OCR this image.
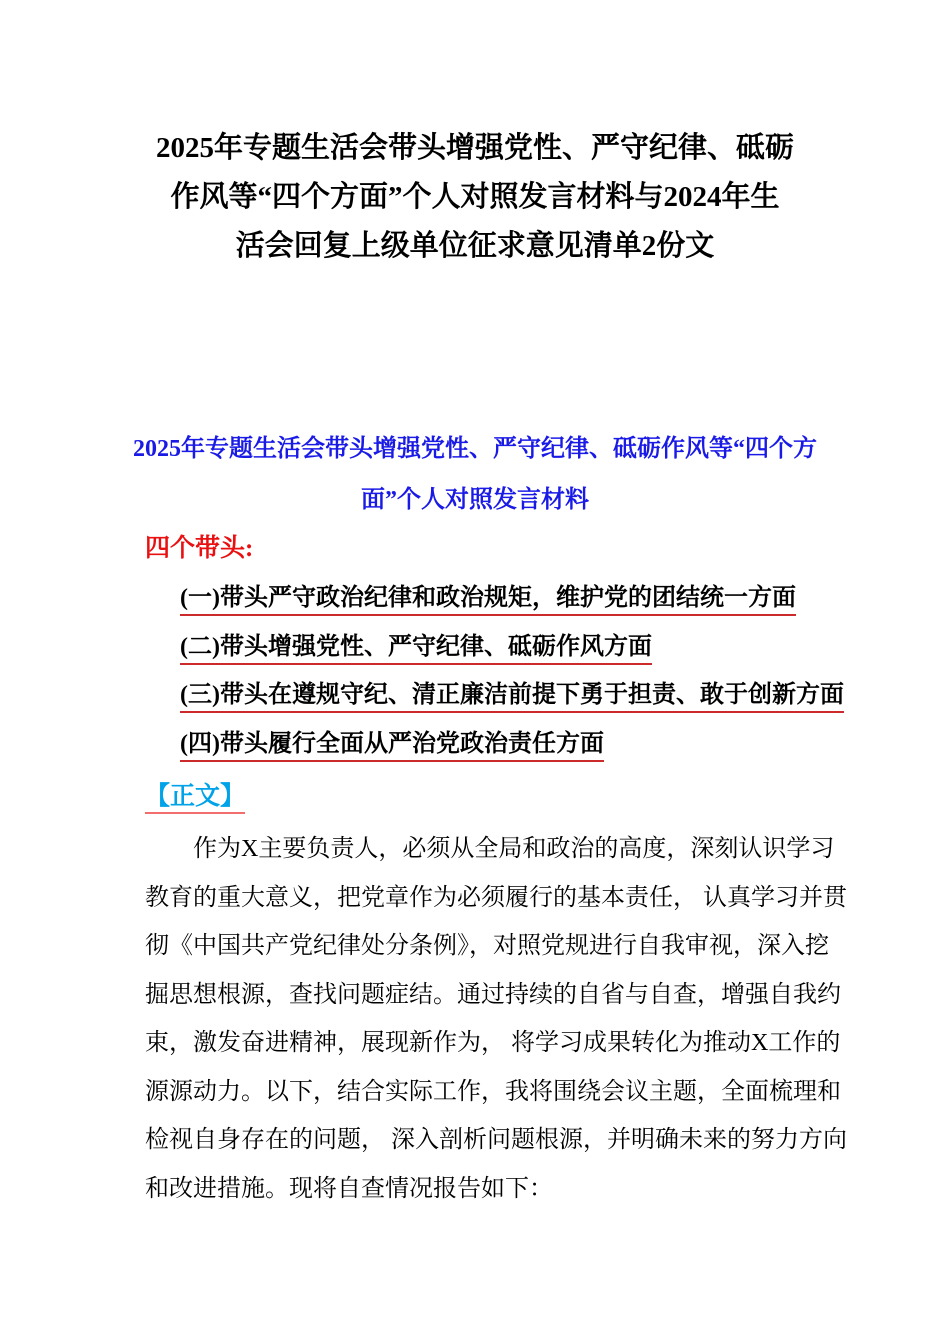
2025年专题生活会带头增强党性、严守纪律、砥砺
作风等“四个方面”个人对照发言材料与2024年生
活会回复上级单位征求意见清单2份文
2025年专题生活会带头增强党性、严守纪律、砥砺作风等“四个方
面”个人对照发言材料
四个带头:
(一)带头严守政治纪律和政治规矩，维护党的团结统一方面
(二)带头增强党性、严守纪律、砥砺作风方面
(三)带头在遵规守纪、清正廉洁前提下勇于担责、敢于创新方面
(四)带头履行全面从严治党政治责任方面
【正文】
作为X主要负责人，必须从全局和政治的高度，深刻认识学习
教育的重大意义，把党章作为必须履行的基本责任， 认真学习并贯
彻《中国共产党纪律处分条例》，对照党规进行自我审视，深入挖
掘思想根源，查找问题症结。通过持续的自省与自查，增强自我约
束，激发奋进精神，展现新作为， 将学习成果转化为推动X工作的
源源动力。以下，结合实际工作，我将围绕会议主题，全面梳理和
检视自身存在的问题， 深入剖析问题根源，并明确未来的努力方向
和改进措施。现将自查情况报告如下：
